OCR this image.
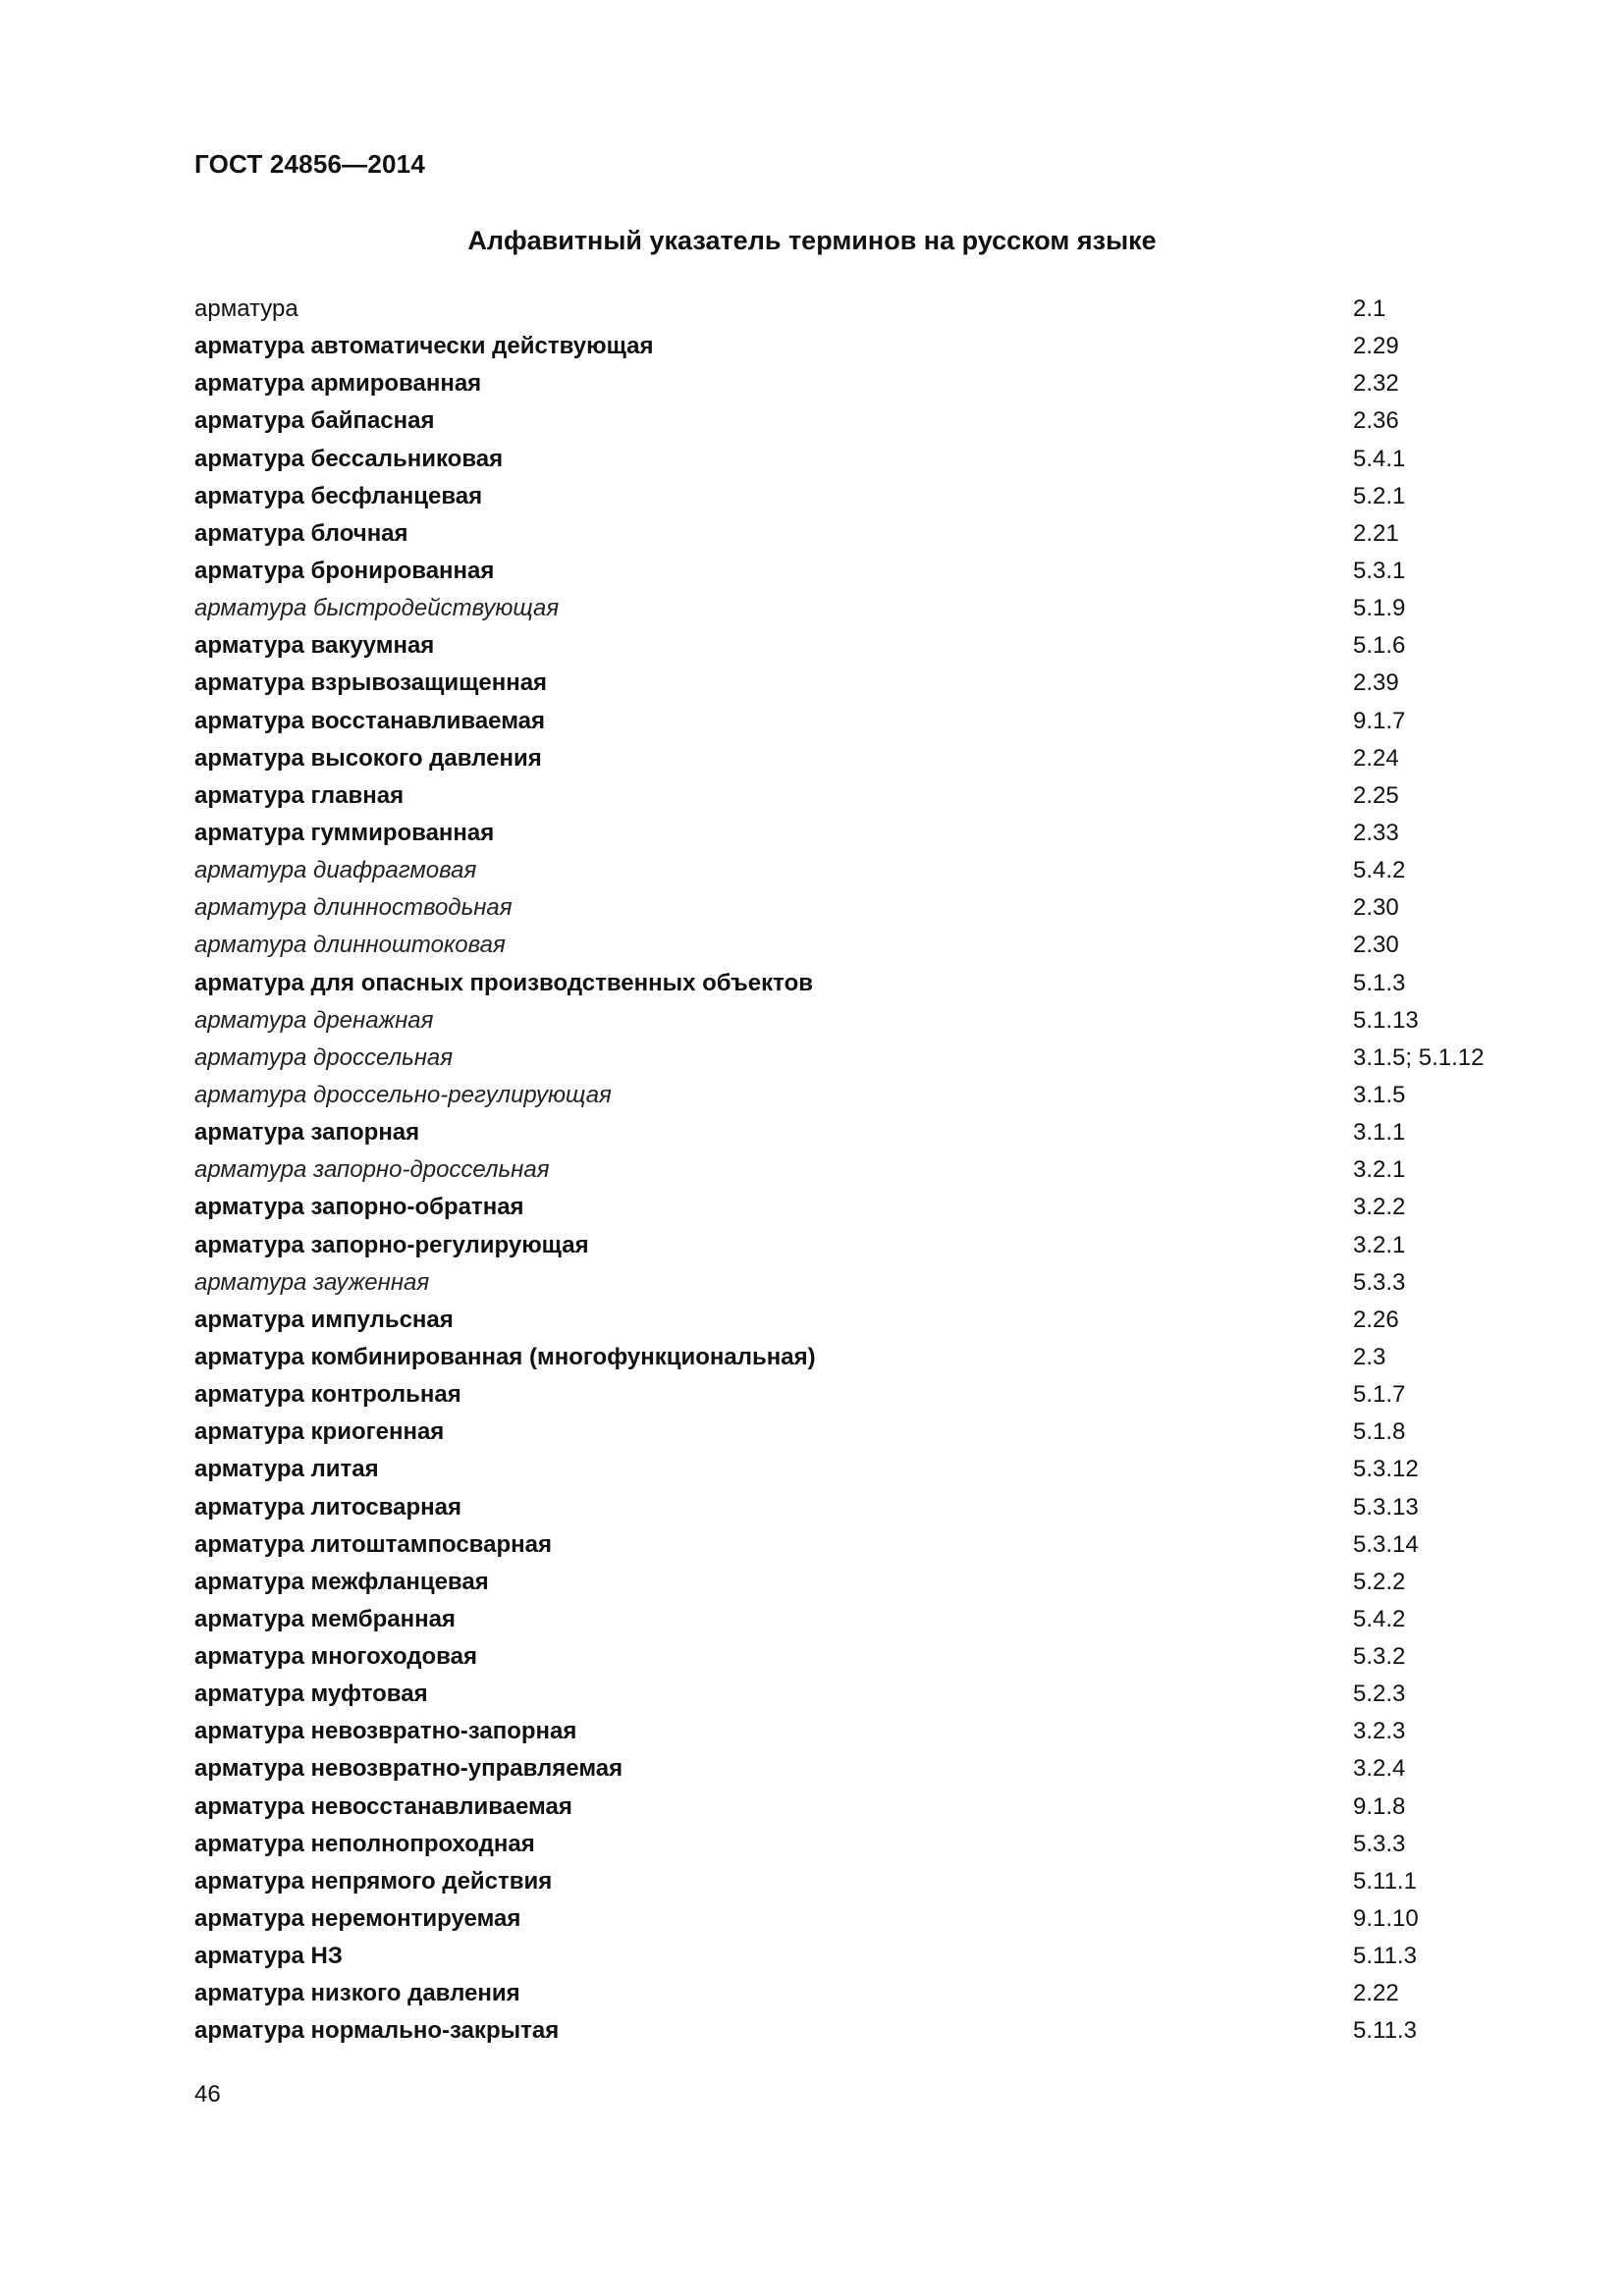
ГОСТ 24856—2014
Алфавитный указатель терминов на русском языке
арматура	2.1
арматура автоматически действующая	2.29
арматура армированная	2.32
арматура байпасная	2.36
арматура бессальниковая	5.4.1
арматура бесфланцевая	5.2.1
арматура блочная	2.21
арматура бронированная	5.3.1
арматура быстродействующая	5.1.9
арматура вакуумная	5.1.6
арматура взрывозащищенная	2.39
арматура восстанавливаемая	9.1.7
арматура высокого давления	2.24
арматура главная	2.25
арматура гуммированная	2.33
арматура диафрагмовая	5.4.2
арматура длинностводьная	2.30
арматура длинноштоковая	2.30
арматура для опасных производственных объектов	5.1.3
арматура дренажная	5.1.13
арматура дроссельная	3.1.5; 5.1.12
арматура дроссельно-регулирующая	3.1.5
арматура запорная	3.1.1
арматура запорно-дроссельная	3.2.1
арматура запорно-обратная	3.2.2
арматура запорно-регулирующая	3.2.1
арматура зауженная	5.3.3
арматура импульсная	2.26
арматура комбинированная (многофункциональная)	2.3
арматура контрольная	5.1.7
арматура криогенная	5.1.8
арматура литая	5.3.12
арматура литосварная	5.3.13
арматура литоштампосварная	5.3.14
арматура межфланцевая	5.2.2
арматура мембранная	5.4.2
арматура многоходовая	5.3.2
арматура муфтовая	5.2.3
арматура невозвратно-запорная	3.2.3
арматура невозвратно-управляемая	3.2.4
арматура невосстанавливаемая	9.1.8
арматура неполнопроходная	5.3.3
арматура непрямого действия	5.11.1
арматура неремонтируемая	9.1.10
арматура НЗ	5.11.3
арматура низкого давления	2.22
арматура нормально-закрытая	5.11.3
46
